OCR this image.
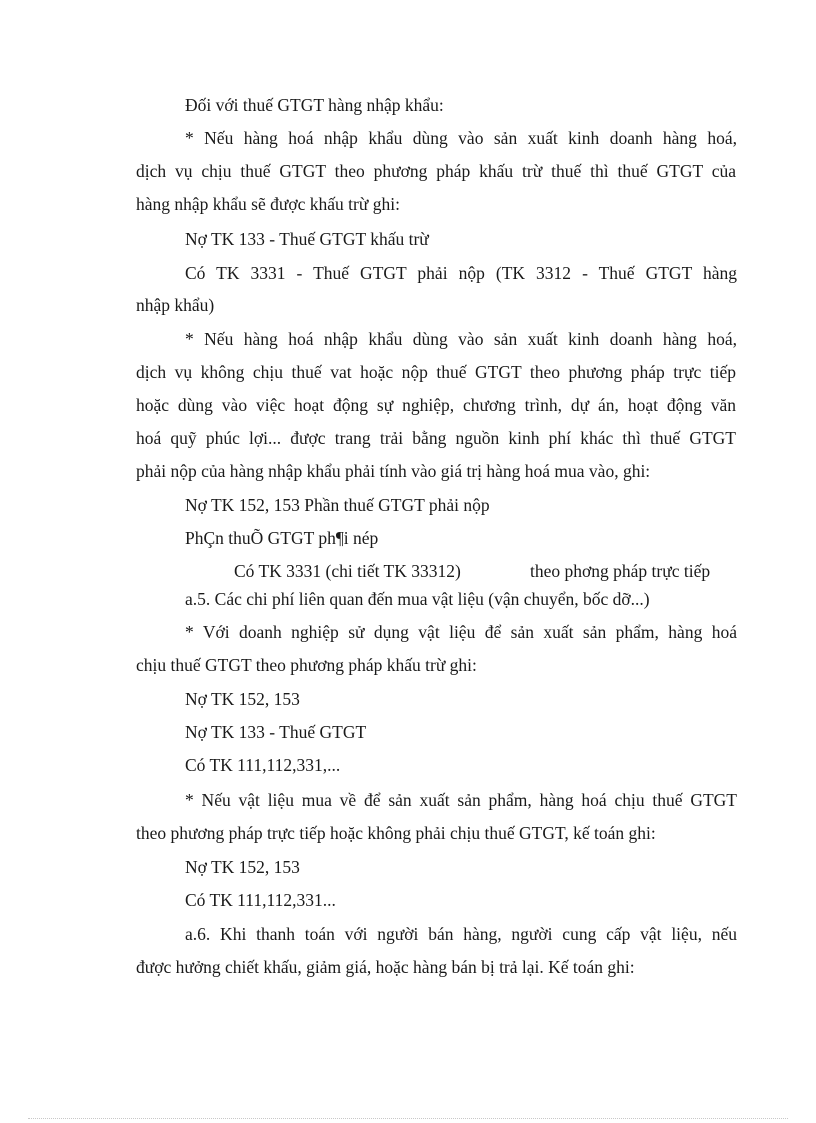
Đối với thuế GTGT hàng nhập khẩu:
* Nếu hàng hoá nhập khẩu dùng vào sản xuất kinh doanh hàng hoá,
dịch vụ chịu thuế GTGT theo phương pháp khấu trừ thuế thì thuế GTGT của
hàng nhập khẩu sẽ được khấu trừ ghi:
Nợ TK 133 - Thuế GTGT khấu trừ
Có TK 3331 - Thuế GTGT phải nộp (TK 3312 - Thuế GTGT hàng
nhập khẩu)
* Nếu hàng hoá nhập khẩu dùng vào sản xuất kinh doanh hàng hoá,
dịch vụ không chịu thuế vat hoặc nộp thuế GTGT theo phương pháp trực tiếp
hoặc dùng vào việc hoạt động sự nghiệp, chương trình, dự án, hoạt động văn
hoá quỹ phúc lợi... được trang trải bằng nguồn kinh phí khác thì thuế GTGT
phải nộp của hàng nhập khẩu phải tính vào giá trị hàng hoá mua vào, ghi:
Nợ TK 152, 153 Phần thuế GTGT phải nộp
PhÇn thuÕ GTGT ph¶i nép
Có TK 3331 (chi tiết TK 33312)	theo phơng pháp trực tiếp
a.5. Các chi phí liên quan đến mua vật liệu (vận chuyển, bốc dỡ...)
* Với doanh nghiệp sử dụng vật liệu để sản xuất sản phẩm, hàng hoá
chịu thuế GTGT theo phương pháp khấu trừ ghi:
Nợ TK 152, 153
Nợ TK 133 - Thuế GTGT
Có TK 111,112,331,...
* Nếu vật liệu mua về để sản xuất sản phẩm, hàng hoá chịu thuế GTGT
theo phương pháp trực tiếp hoặc không phải chịu thuế GTGT, kế toán ghi:
Nợ TK 152, 153
Có TK 111,112,331...
a.6. Khi thanh toán với người bán hàng, người cung cấp vật liệu, nếu
được hưởng chiết khấu, giảm giá, hoặc hàng bán bị trả lại. Kế toán ghi:
